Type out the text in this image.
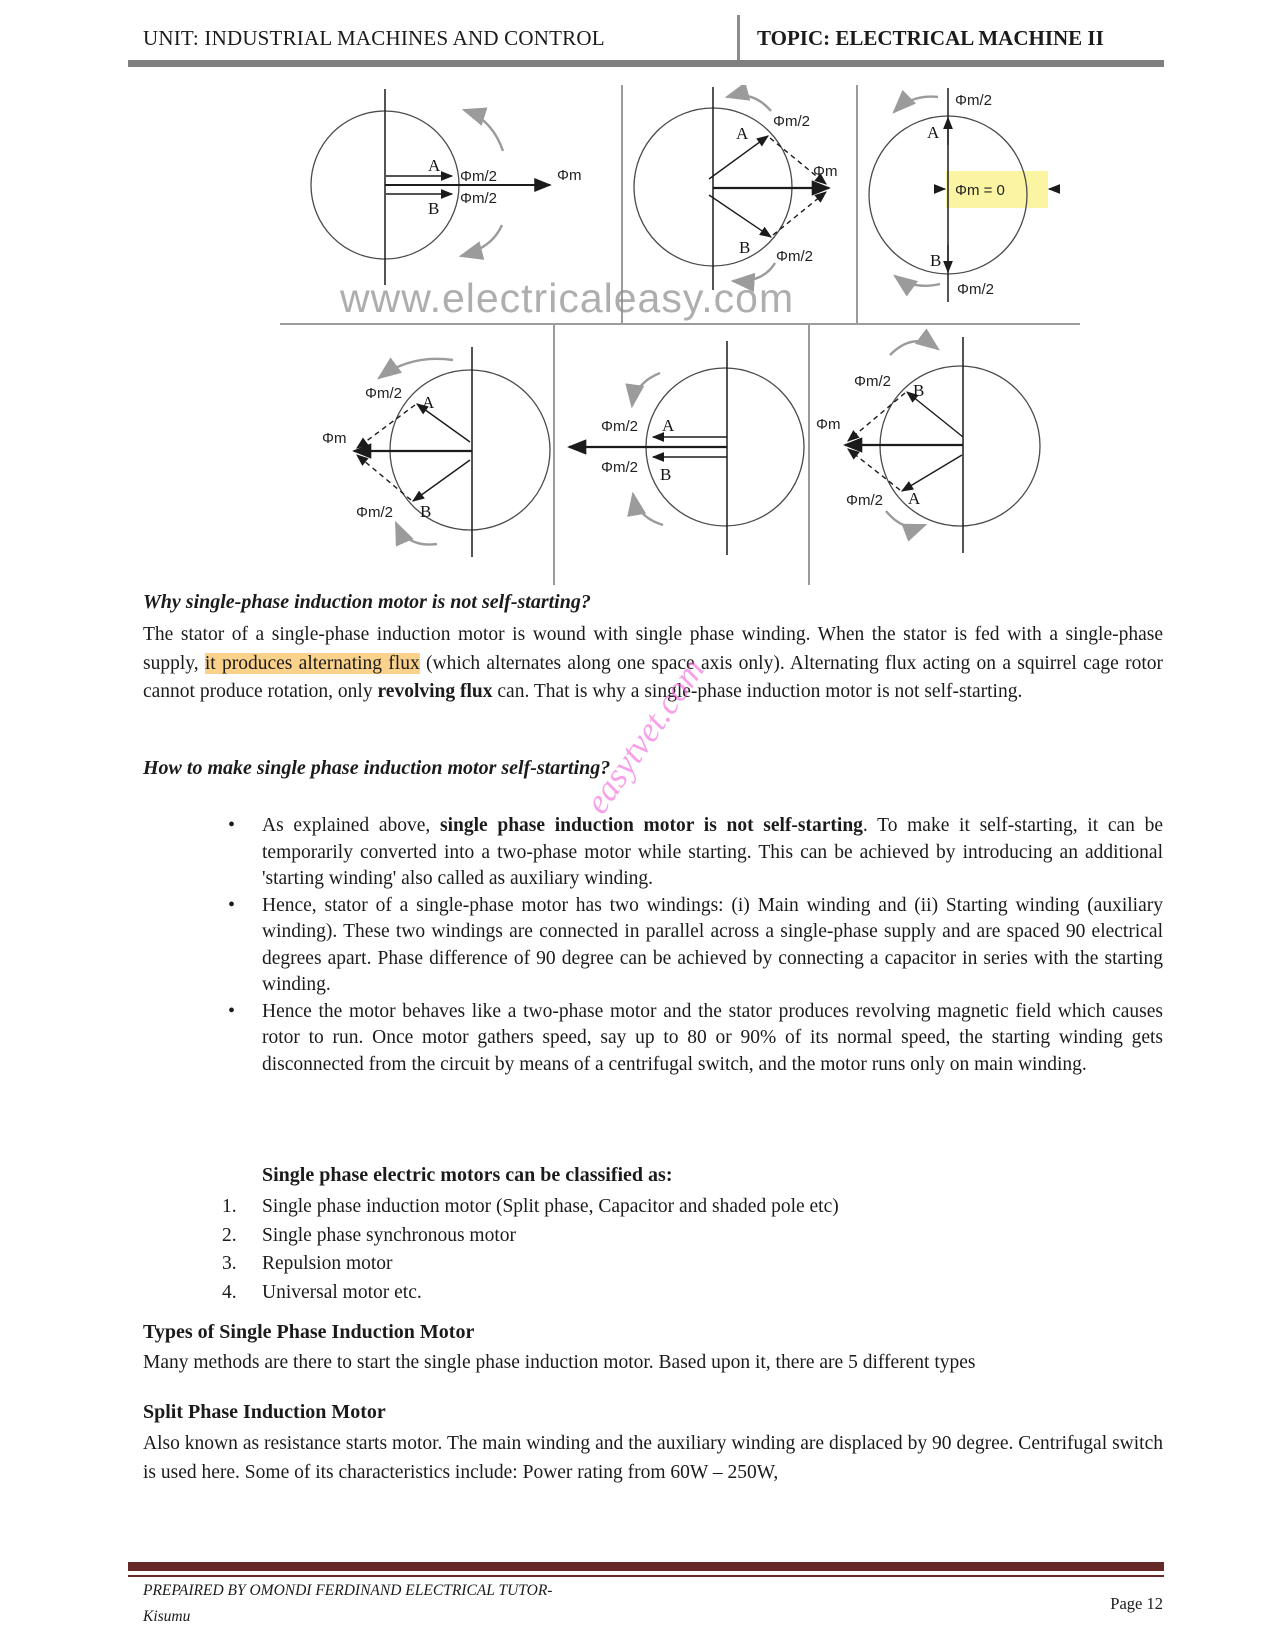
UNIT: INDUSTRIAL MACHINES AND CONTROL	TOPIC: ELECTRICAL MACHINE II
A
Φm/2
B
Φm/2
Φm
A
Φm/2
Φm
B Φm/2
Φm/2
A
Φm = 0
B
Φm/2
Φm/2 A
Φm
Φm/2 B
Φm/2 A
Φm/2 B
Φm/2 B
Φm
Φm/2 A
www.electricaleasy.com
Why single-phase induction motor is not self-starting?
The stator of a single-phase induction motor is wound with single phase winding. When the stator is fed with a single-phase supply, it produces alternating flux (which alternates along one space axis only). Alternating flux acting on a squirrel cage rotor cannot produce rotation, only revolving flux can. That is why a single-phase induction motor is not self-starting.
How to make single phase induction motor self-starting?
• As explained above, single phase induction motor is not self-starting. To make it self-starting, it can be temporarily converted into a two-phase motor while starting. This can be achieved by introducing an additional 'starting winding' also called as auxiliary winding.
• Hence, stator of a single-phase motor has two windings: (i) Main winding and (ii) Starting winding (auxiliary winding). These two windings are connected in parallel across a single-phase supply and are spaced 90 electrical degrees apart. Phase difference of 90 degree can be achieved by connecting a capacitor in series with the starting winding.
• Hence the motor behaves like a two-phase motor and the stator produces revolving magnetic field which causes rotor to run. Once motor gathers speed, say up to 80 or 90% of its normal speed, the starting winding gets disconnected from the circuit by means of a centrifugal switch, and the motor runs only on main winding.
Single phase electric motors can be classified as:
1.	Single phase induction motor (Split phase, Capacitor and shaded pole etc)
2.	Single phase synchronous motor
3.	Repulsion motor
4.	Universal motor etc.
Types of Single Phase Induction Motor
Many methods are there to start the single phase induction motor. Based upon it, there are 5 different types
Split Phase Induction Motor
Also known as resistance starts motor. The main winding and the auxiliary winding are displaced by 90 degree. Centrifugal switch is used here. Some of its characteristics include: Power rating from 60W – 250W,
easytvet.com
PREPAIRED BY OMONDI FERDINAND ELECTRICAL TUTOR-
Kisumu
Page 12
